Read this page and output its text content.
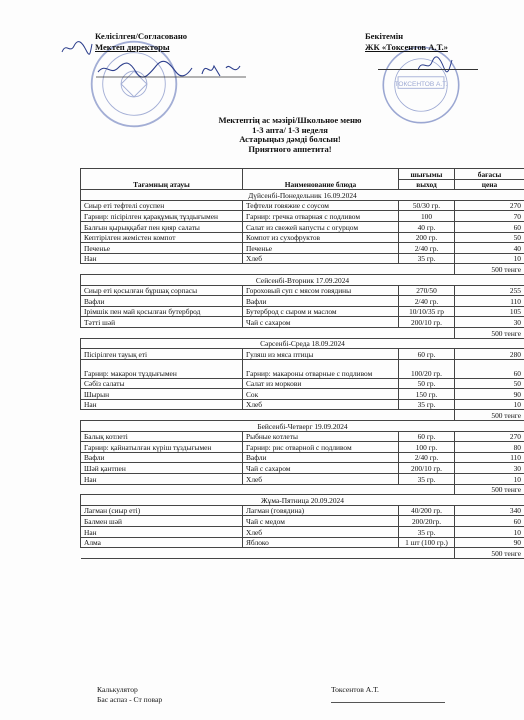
ТОКСЕНТОВ А.Т.
Келісілген/Согласовано
Мектеп директоры
Бекітемін
ЖК «Токсентов А.Т.»
Мектептің ас мәзірі/Школьное меню
1-3 апта/ 1-3 неделя
Астарыңыз дәмді болсын!
Приятного аппетита!
Тағамның атауы	Наименование блюда	шығымы	бағасы
		выход	цена
Дүйсенбі-Понедельник 16.09.2024			
Сиыр еті тефтелі соуспен	Тефтели говяжие с соусом	50/30 гр.	270
Гарнир: пісірілген қарақұмық тұздығымен	Гарнир: гречка отварная с подливом	100	70
Балғын қырыққабат пен қияр салаты	Салат из свежей капусты с огурцом	40 гр.	60
Кептірілген жемістен компот	Компот из сухофруктов	200 гр.	50
Печенье	Печенье	2/40 гр.	40
Нан	Хлеб	35 гр.	10
			500 тенге
Сейсенбі-Вторник 17.09.2024			
Сиыр еті қосылған бұршақ сорпасы	Гороховый суп с мясом говядины	270/50	255
Вафли	Вафли	2/40 гр.	110
Ірімшік пен май қосылған бутерброд	Бутерброд с сыром и маслом	10/10/35 гр	105
Тәтті шәй	Чай с сахаром	200/10 гр.	30
			500 тенге
Сәрсенбі-Среда 18.09.2024			
Пісірілген тауық еті	Гуляш из мяса птицы	60 гр.	280
Гарнир: макарон тұздығымен	Гарнир: макароны отварные с подливом	100/20 гр.	60
Сәбіз салаты	Салат из моркови	50 гр.	50
Шырын	Сок	150 гр.	90
Нан	Хлеб	35 гр.	10
			500 тенге
Бейсенбі-Четверг 19.09.2024			
Балық котлеті	Рыбные котлеты	60 гр.	270
Гарнир: қайнатылған күріш тұздығымен	Гарнир: рис отварной с подливом	100 гр.	80
Вафли	Вафли	2/40 гр.	110
Шәй қантпен	Чай с сахаром	200/10 гр.	30
Нан	Хлеб	35 гр.	10
			500 тенге
Жұма-Пятница 20.09.2024			
Лагман (сиыр еті)	Лагман (говядина)	40/200 гр.	340
Балмен шәй	Чай с медом	200/20гр.	60
Нан	Хлеб	35 гр.	10
Алма	Яблоко	1 шт (100 гр.)	90
			500 тенге
Калькулятор
Бас аспаз - Ст повар
Токсентов А.Т.
